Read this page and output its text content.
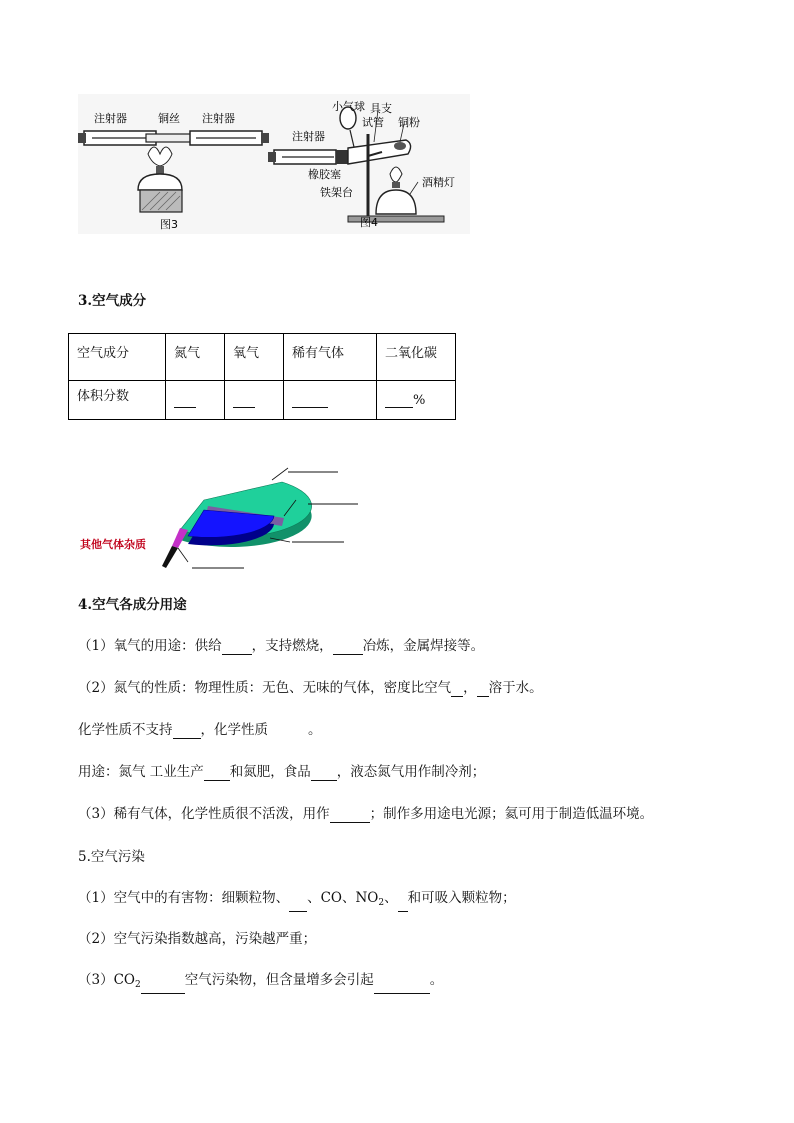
注射器	铜丝 注射器
图3
注射器
小气球 具支
试管 铜粉
橡胶塞
铁架台
酒精灯
图4
3.空气成分
空气成分	氮气	氧气	稀有气体	二氧化碳
体积分数				%
其他气体杂质
4.空气各成分用途
（1）氧气的用途：供给 ，支持燃烧， 冶炼，金属焊接等。
（2）氮气的性质：物理性质：无色、无味的气体，密度比空气 ， 溶于水。
化学性质不支持 ，化学性质	。
用途：氮气 工业生产 和氮肥，食品 ，液态氮气用作制冷剂；
（3）稀有气体，化学性质很不活泼，用作	；制作多用途电光源；氦可用于制造低温环境。
5.空气污染
（1）空气中的有害物：细颗粒物、 、CO、$NO_2$、 和可吸入颗粒物；
（2）空气污染指数越高，污染越严重；
$(3)CO_2$	空气污染物，但含量增多会引起	。
